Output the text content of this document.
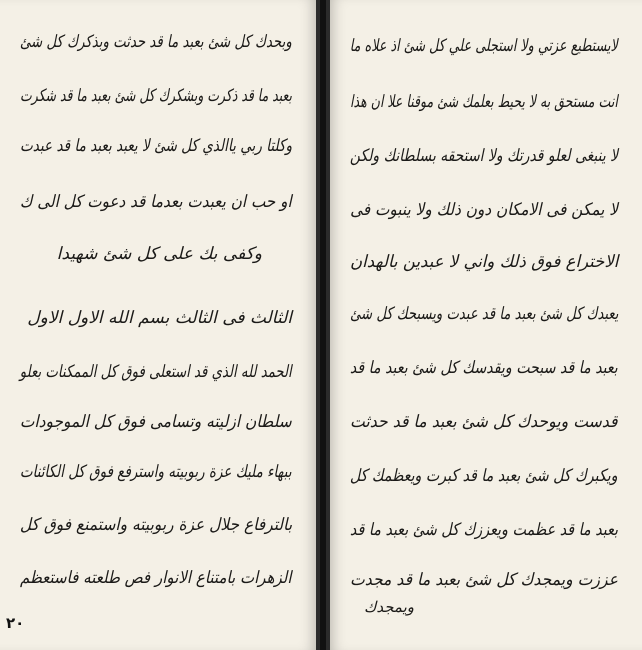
وبحدك كل شئ بعبد ما قد حدثت وبذكرك كل شئ
بعبد ما قد ذكرت وبشكرك كل شئ بعبد ما قد شكرت
وكلتا ربي ياالذي كل شئ لا يعبد بعبد ما قد عبدت
او حب ان يعبدت بعدما قد دعوت كل الى ك
وكفى بك على كل شئ شهيدا
الثالث فى الثالث بسم الله الاول الاول
الحمد لله الذي قد استعلى فوق كل الممكنات بعلو
سلطان ازليته وتسامى فوق كل الموجودات
ببهاء مليك عزة ربوبيته واسترفع فوق كل الكائنات
بالترفاع جلال عزة ربوبيته واستمنع فوق كل
الزهرات بامتناع الانوار فص طلعته فاستعظم
٢٠
لايستطيع عزتي ولا استجلى علي كل شئ اذ علاه ما
انت مستحق به لا يحيط بعلمك شئ موقنا علا ان هذا
لا ينبغى لعلو قدرتك ولا استحقه بسلطانك ولكن
لا يمكن فى الامكان دون ذلك ولا ينبوت فى
الاختراع فوق ذلك واني لا عبدين بالهدان
يعبدك كل شئ بعبد ما قد عبدت ويسبحك كل شئ
بعبد ما قد سبحت ويقدسك كل شئ بعبد ما قد
قدست ويوحدك كل شئ بعبد ما قد حدثت
ويكبرك كل شئ بعبد ما قد كبرت ويعظمك كل
بعبد ما قد عظمت ويعززك كل شئ بعبد ما قد
عززت ويمجدك كل شئ بعبد ما قد مجدت
ويمجدك
